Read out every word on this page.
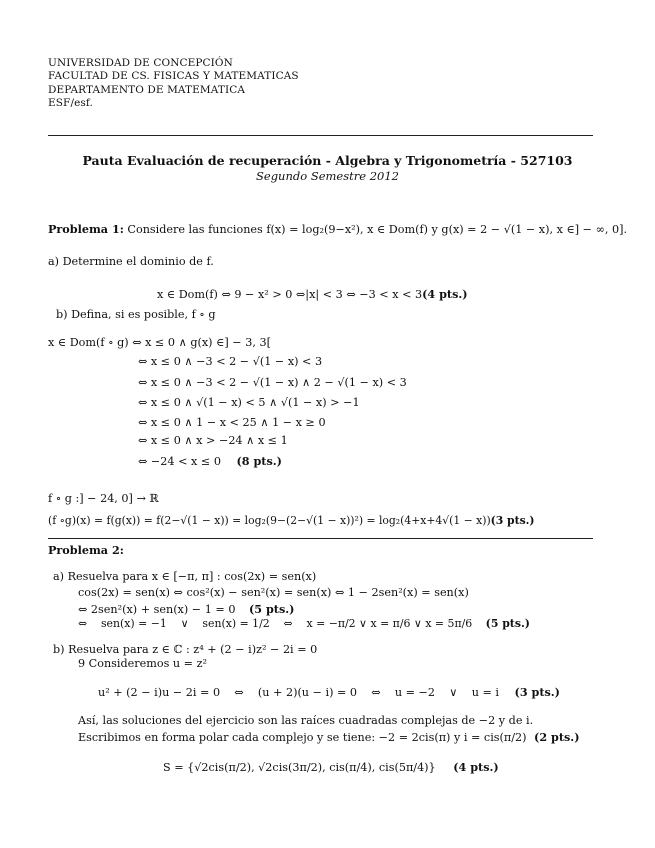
UNIVERSIDAD DE CONCEPCIÓN
FACULTAD DE CS. FISICAS Y MATEMATICAS
DEPARTAMENTO DE MATEMATICA
ESF/esf.
Pauta Evaluación de recuperación - Algebra y Trigonometría - 527103
Segundo Semestre 2012
Problema 1: Considere las funciones f(x) = log₂(9−x²), x ∈ Dom(f) y g(x) = 2 − √(1 − x), x ∈] − ∞, 0].
a) Determine el dominio de f.
x ∈ Dom(f) ⇔ 9 − x² > 0 ⇔|x| < 3 ⇔ −3 < x < 3(4 pts.)
b) Defina, si es posible, f ∘ g
x ∈ Dom(f ∘ g) ⇔ x ≤ 0 ∧ g(x) ∈] − 3, 3[
⇔ x ≤ 0 ∧ −3 < 2 − √(1 − x) < 3
⇔ x ≤ 0 ∧ −3 < 2 − √(1 − x) ∧ 2 − √(1 − x) < 3
⇔ x ≤ 0 ∧ √(1 − x) < 5 ∧ √(1 − x) > −1
⇔ x ≤ 0 ∧ 1 − x < 25 ∧ 1 − x ≥ 0
⇔ x ≤ 0 ∧ x > −24 ∧ x ≤ 1
⇔ −24 < x ≤ 0 (8 pts.)
f ∘ g :] − 24, 0] → ℝ
(f ∘g)(x) = f(g(x)) = f(2−√(1 − x)) = log₂(9−(2−√(1 − x))²) = log₂(4+x+4√(1 − x))(3 pts.)
Problema 2:
a) Resuelva para x ∈ [−π, π] : cos(2x) = sen(x)
cos(2x) = sen(x) ⇔ cos²(x) − sen²(x) = sen(x) ⇔ 1 − 2sen²(x) = sen(x)
⇔ 2sen²(x) + sen(x) − 1 = 0 (5 pts.)
⇔    sen(x) = −1    ∨    sen(x) = 1/2    ⇔    x = −π/2 ∨ x = π/6 ∨ x = 5π/6 (5 pts.)
b) Resuelva para z ∈ ℂ : z⁴ + (2 − i)z² − 2i = 0
9 Consideremos u = z²
u² + (2 − i)u − 2i = 0    ⇔    (u + 2)(u − i) = 0    ⇔    u = −2    ∨    u = i (3 pts.)
Así, las soluciones del ejercicio son las raíces cuadradas complejas de −2 y de i.
Escribimos en forma polar cada complejo y se tiene: −2 = 2cis(π) y i = cis(π/2) (2 pts.)
S = {√2cis(π/2), √2cis(3π/2), cis(π/4), cis(5π/4)} (4 pts.)
